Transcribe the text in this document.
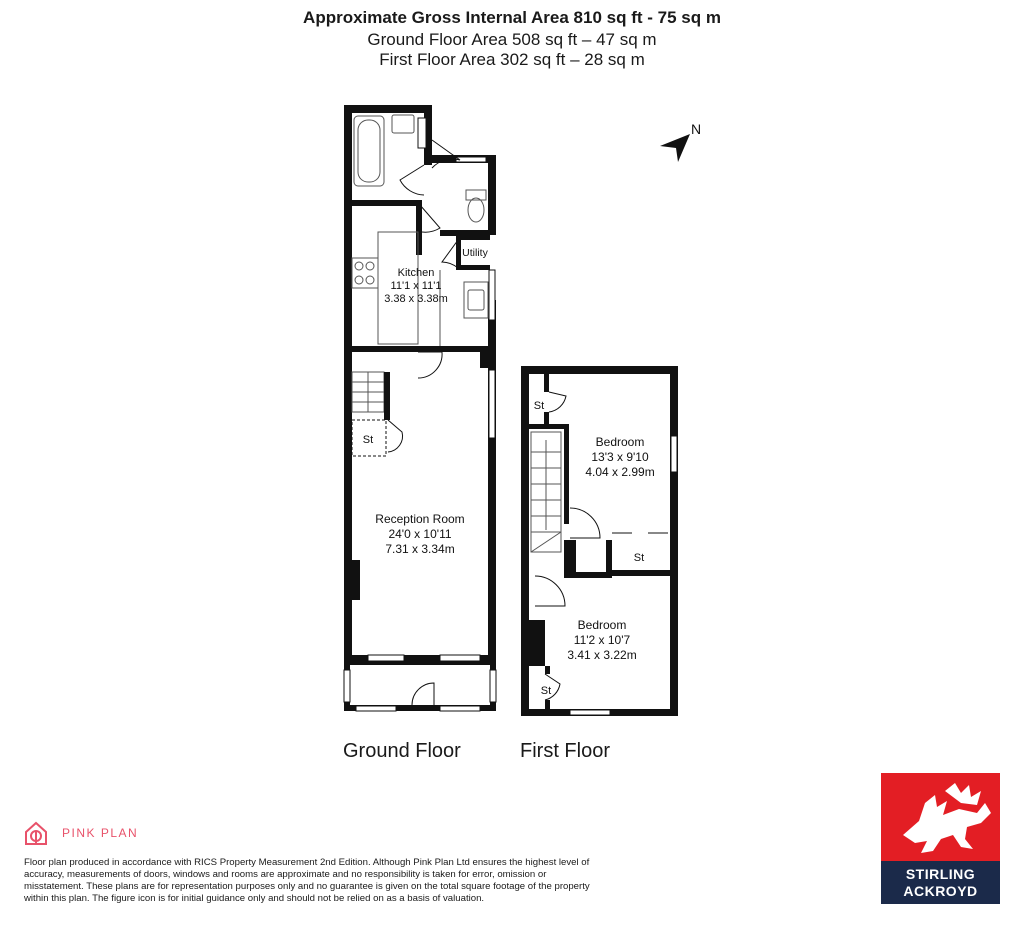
Approximate Gross Internal Area 810 sq ft - 75 sq m
Ground Floor Area 508 sq ft – 47 sq m
First Floor Area 302 sq ft – 28 sq m
Kitchen
11'1 x 11'1
3.38 x 3.38m
Utility
St
Reception Room
24'0 x 10'11
7.31 x 3.34m
St
Bedroom
13'3 x 9'10
4.04 x 2.99m
St
Bedroom
11'2 x 10'7
3.41 x 3.22m
St
N
Ground Floor	First Floor
PINK PLAN
Floor plan produced in accordance with RICS Property Measurement 2nd Edition. Although Pink Plan Ltd ensures the highest level of accuracy, measurements of doors, windows and rooms are approximate and no responsibility is taken for error, omission or misstatement. These plans are for representation purposes only and no guarantee is given on the total square footage of the property within this plan. The figure icon is for initial guidance only and should not be relied on as a basis of valuation.
STIRLING
ACKROYD
